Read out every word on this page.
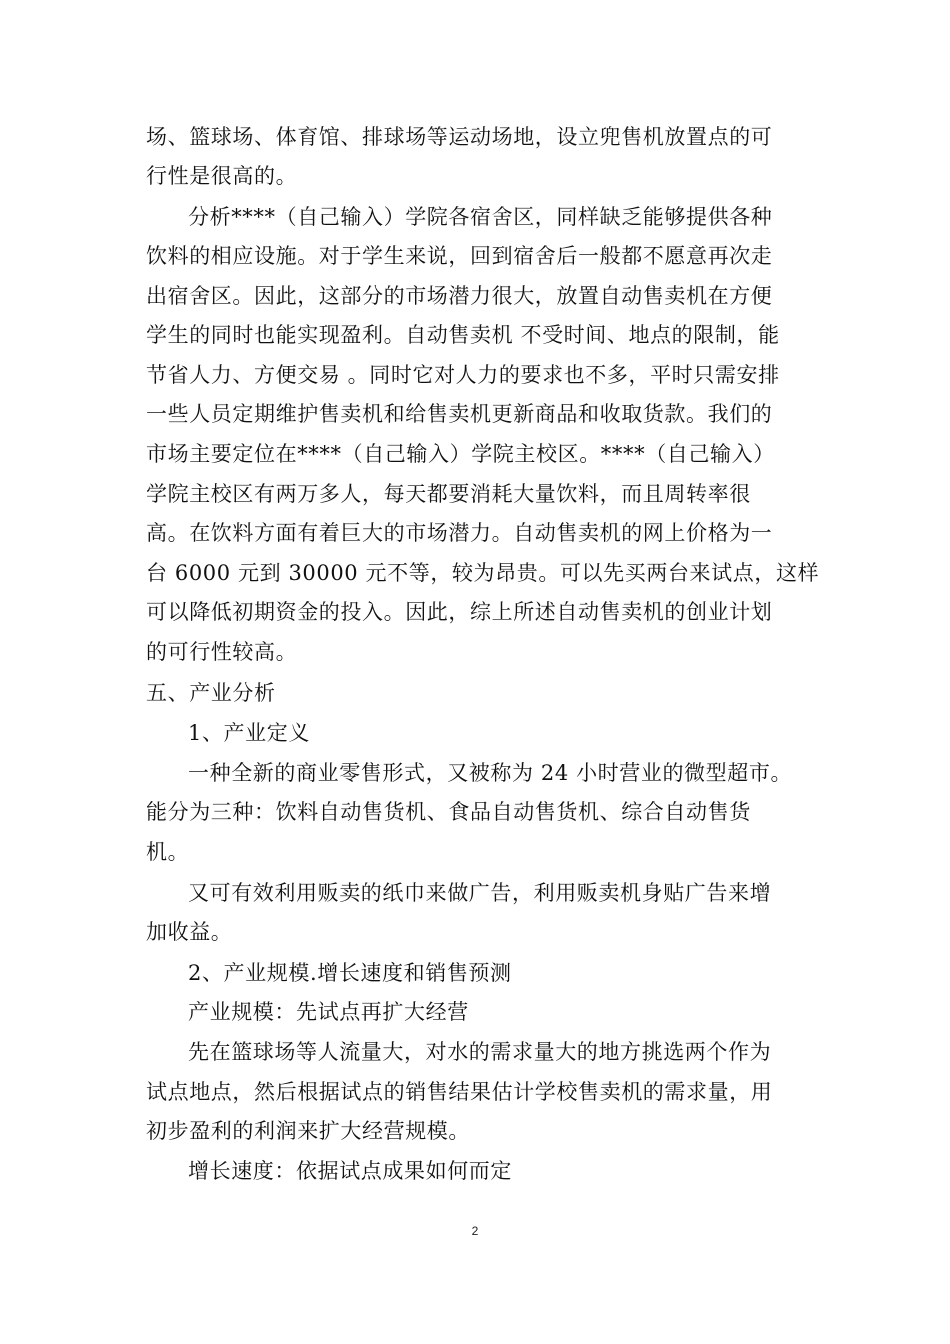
场、篮球场、体育馆、排球场等运动场地，设立兜售机放置点的可
行性是很高的。
分析****（自己输入）学院各宿舍区，同样缺乏能够提供各种
饮料的相应设施。对于学生来说，回到宿舍后一般都不愿意再次走
出宿舍区。因此，这部分的市场潜力很大，放置自动售卖机在方便
学生的同时也能实现盈利。自动售卖机 不受时间、地点的限制，能
节省人力、方便交易 。同时它对人力的要求也不多，平时只需安排
一些人员定期维护售卖机和给售卖机更新商品和收取货款。我们的
市场主要定位在****（自己输入）学院主校区。****（自己输入）
学院主校区有两万多人，每天都要消耗大量饮料，而且周转率很
高。在饮料方面有着巨大的市场潜力。自动售卖机的网上价格为一
台 6000 元到 30000 元不等，较为昂贵。可以先买两台来试点，这样
可以降低初期资金的投入。因此，综上所述自动售卖机的创业计划
的可行性较高。
五、产业分析
1、产业定义
一种全新的商业零售形式，又被称为 24 小时营业的微型超市。
能分为三种：饮料自动售货机、食品自动售货机、综合自动售货
机。
又可有效利用贩卖的纸巾来做广告，利用贩卖机身贴广告来增
加收益。
2、产业规模.增长速度和销售预测
产业规模：先试点再扩大经营
先在篮球场等人流量大，对水的需求量大的地方挑选两个作为
试点地点，然后根据试点的销售结果估计学校售卖机的需求量，用
初步盈利的利润来扩大经营规模。
增长速度：依据试点成果如何而定
2
